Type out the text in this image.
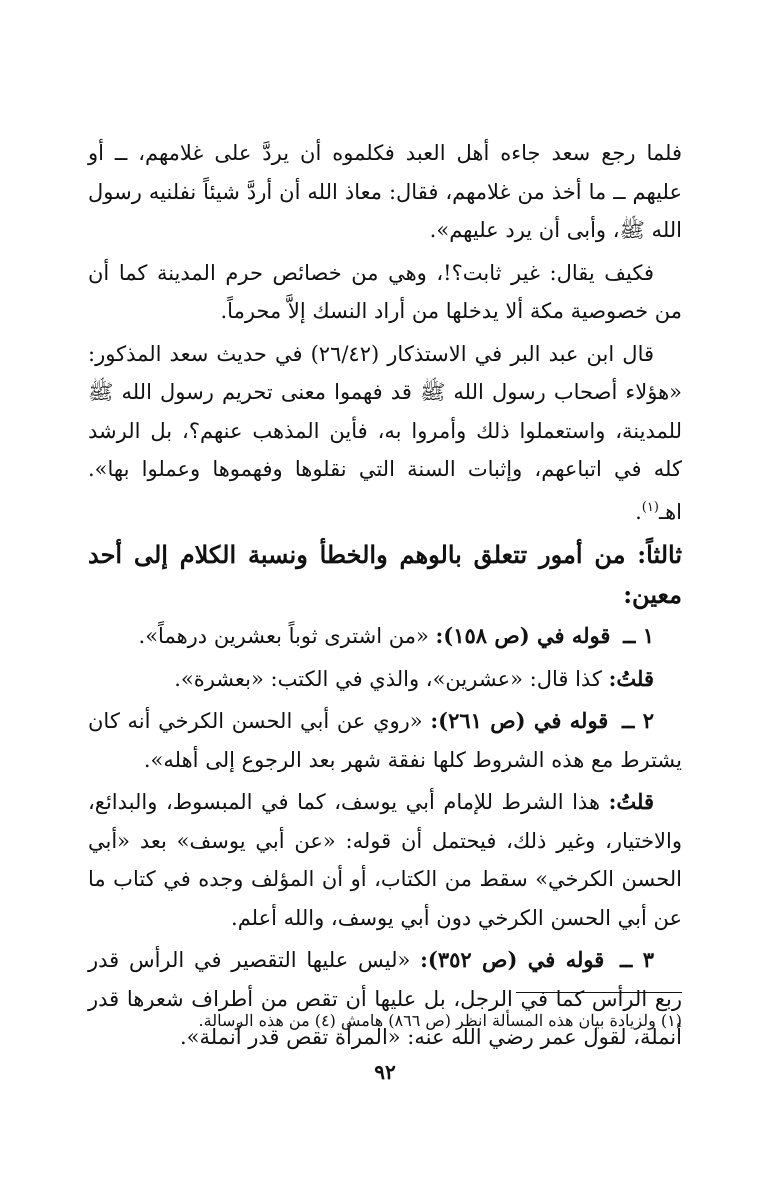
فلما رجع سعد جاءه أهل العبد فكلموه أن يردَّ على غلامهم، ــ أو عليهم ــ ما أخذ من غلامهم، فقال: معاذ الله أن أردَّ شيئاً نفلنيه رسول الله ﷺ، وأبى أن يرد عليهم».

فكيف يقال: غير ثابت؟!، وهي من خصائص حرم المدينة كما أن من خصوصية مكة ألا يدخلها من أراد النسك إلاَّ محرماً.

قال ابن عبد البر في الاستذكار (٢٦/٤٢) في حديث سعد المذكور: «هؤلاء أصحاب رسول الله ﷺ قد فهموا معنى تحريم رسول الله ﷺ للمدينة، واستعملوا ذلك وأمروا به، فأين المذهب عنهم؟، بل الرشد كله في اتباعهم، وإثبات السنة التي نقلوها وفهموها وعملوا بها». اهـ$^{(١)}$.

ثالثاً: من أمور تتعلق بالوهم والخطأ ونسبة الكلام إلى أحد معين:

١ ــ قوله في (ص ١٥٨): «من اشترى ثوباً بعشرين درهماً».

قلتُ: كذا قال: «عشرين»، والذي في الكتب: «بعشرة».

٢ ــ قوله في (ص ٢٦١): «روي عن أبي الحسن الكرخي أنه كان يشترط مع هذه الشروط كلها نفقة شهر بعد الرجوع إلى أهله».

قلتُ: هذا الشرط للإمام أبي يوسف، كما في المبسوط، والبدائع، والاختيار، وغير ذلك، فيحتمل أن قوله: «عن أبي يوسف» بعد «أبي الحسن الكرخي» سقط من الكتاب، أو أن المؤلف وجده في كتاب ما عن أبي الحسن الكرخي دون أبي يوسف، والله أعلم.

٣ ــ قوله في (ص ٣٥٢): «ليس عليها التقصير في الرأس قدر ربع الرأس كما في الرجل، بل عليها أن تقص من أطراف شعرها قدر أنملة، لقول عمر رضي الله عنه: «المرأة تقص قدر أنملة».

(١) ولزيادة بيان هذه المسألة انظر (ص ٨٦٦) هامش (٤) من هذه الرسالة.
٩٢
